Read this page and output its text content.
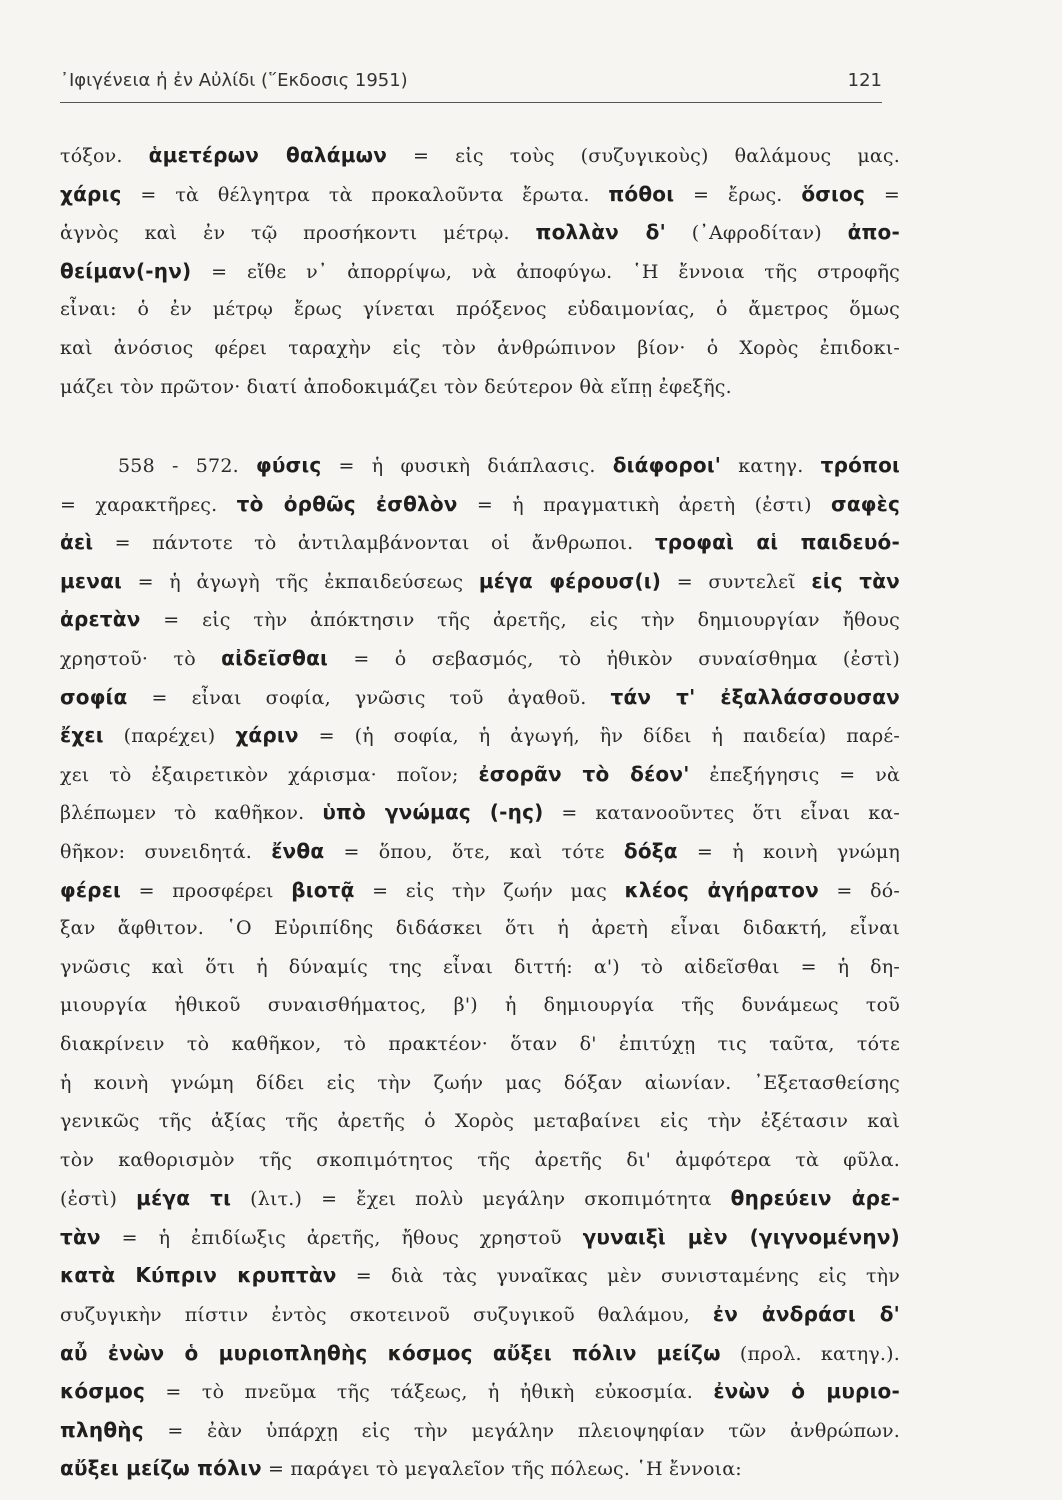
᾿Ιφιγένεια ἡ ἐν Αὐλίδι (῞Εκδοσις 1951)	121
τόξον. ἁμετέρων θαλάμων = εἰς τοὺς (συζυγικοὺς) θαλάμους μας.
χάρις = τὰ θέλγητρα τὰ προκαλοῦντα ἔρωτα. πόθοι = ἔρως. ὅσιος =
ἁγνὸς καὶ ἐν τῷ προσήκοντι μέτρῳ. πολλὰν δ' (᾿Αφροδίταν) ἀπο-
θείμαν(-ην) = εἴθε ν᾿ ἀπορρίψω, νὰ ἀποφύγω. ῾Η ἔννοια τῆς στροφῆς
εἶναι: ὁ ἐν μέτρῳ ἔρως γίνεται πρόξενος εὐδαιμονίας, ὁ ἄμετρος ὅμως
καὶ ἀνόσιος φέρει ταραχὴν εἰς τὸν ἀνθρώπινον βίον· ὁ Χορὸς ἐπιδοκι-
μάζει τὸν πρῶτον· διατί ἀποδοκιμάζει τὸν δεύτερον θὰ εἴπῃ ἐφεξῆς.
558 - 572. φύσις = ἡ φυσικὴ διάπλασις. διάφοροι' κατηγ. τρόποι
= χαρακτῆρες. τὸ ὀρθῶς ἐσθλὸν = ἡ πραγματικὴ ἀρετὴ (ἐστι) σαφὲς
ἀεὶ = πάντοτε τὸ ἀντιλαμβάνονται οἱ ἄνθρωποι. τροφαὶ αἱ παιδευό-
μεναι = ἡ ἀγωγὴ τῆς ἐκπαιδεύσεως μέγα φέρουσ(ι) = συντελεῖ εἰς τὰν
ἀρετὰν = εἰς τὴν ἀπόκτησιν τῆς ἀρετῆς, εἰς τὴν δημιουργίαν ἤθους
χρηστοῦ· τὸ αἰδεῖσθαι = ὁ σεβασμός, τὸ ἠθικὸν συναίσθημα (ἐστὶ)
σοφία = εἶναι σοφία, γνῶσις τοῦ ἀγαθοῦ. τάν τ' ἐξαλλάσσουσαν
ἔχει (παρέχει) χάριν = (ἡ σοφία, ἡ ἀγωγή, ἣν δίδει ἡ παιδεία) παρέ-
χει τὸ ἐξαιρετικὸν χάρισμα· ποῖον; ἐσορᾶν τὸ δέον' ἐπεξήγησις = νὰ
βλέπωμεν τὸ καθῆκον. ὑπὸ γνώμας (-ης) = κατανοοῦντες ὅτι εἶναι κα-
θῆκον: συνειδητά. ἔνθα = ὅπου, ὅτε, καὶ τότε δόξα = ἡ κοινὴ γνώμη
φέρει = προσφέρει βιοτᾷ = εἰς τὴν ζωήν μας κλέος ἀγήρατον = δό-
ξαν ἄφθιτον. ῾Ο Εὐριπίδης διδάσκει ὅτι ἡ ἀρετὴ εἶναι διδακτή, εἶναι
γνῶσις καὶ ὅτι ἡ δύναμίς της εἶναι διττή: α') τὸ αἰδεῖσθαι = ἡ δη-
μιουργία ἠθικοῦ συναισθήματος, β') ἡ δημιουργία τῆς δυνάμεως τοῦ
διακρίνειν τὸ καθῆκον, τὸ πρακτέον· ὅταν δ' ἐπιτύχῃ τις ταῦτα, τότε
ἡ κοινὴ γνώμη δίδει εἰς τὴν ζωήν μας δόξαν αἰωνίαν. ᾿Εξετασθείσης
γενικῶς τῆς ἀξίας τῆς ἀρετῆς ὁ Χορὸς μεταβαίνει εἰς τὴν ἐξέτασιν καὶ
τὸν καθορισμὸν τῆς σκοπιμότητος τῆς ἀρετῆς δι' ἀμφότερα τὰ φῦλα.
(ἐστὶ) μέγα τι (λιτ.) = ἔχει πολὺ μεγάλην σκοπιμότητα θηρεύειν ἀρε-
τὰν = ἡ ἐπιδίωξις ἀρετῆς, ἤθους χρηστοῦ γυναιξὶ μὲν (γιγνομένην)
κατὰ Κύπριν κρυπτὰν = διὰ τὰς γυναῖκας μὲν συνισταμένης εἰς τὴν
συζυγικὴν πίστιν ἐντὸς σκοτεινοῦ συζυγικοῦ θαλάμου, ἐν ἀνδράσι δ'
αὖ ἐνὼν ὁ μυριοπληθὴς κόσμος αὔξει πόλιν μείζω (προλ. κατηγ.).
κόσμος = τὸ πνεῦμα τῆς τάξεως, ἡ ἠθικὴ εὐκοσμία. ἐνὼν ὁ μυριο-
πληθὴς = ἐὰν ὑπάρχῃ εἰς τὴν μεγάλην πλειοψηφίαν τῶν ἀνθρώπων.
αὔξει μείζω πόλιν = παράγει τὸ μεγαλεῖον τῆς πόλεως. ῾Η ἔννοια:
